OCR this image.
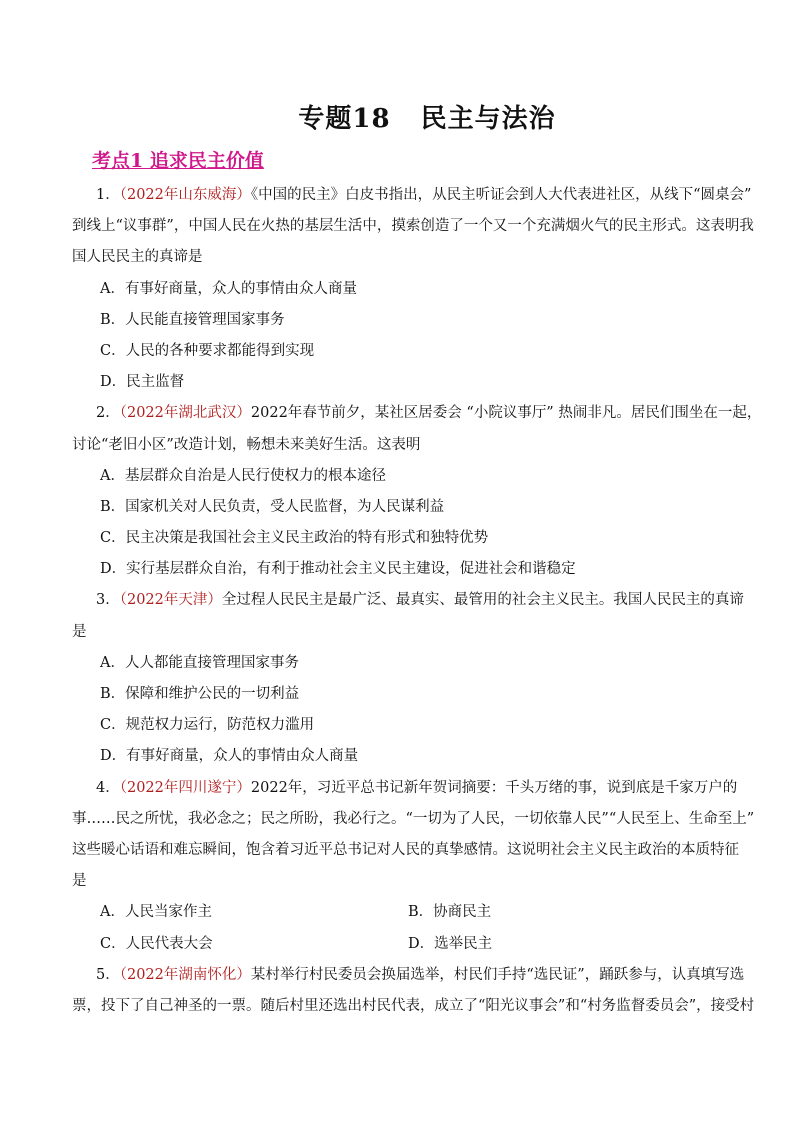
专题18 民主与法治
考点1 追求民主价值
1．（2022年山东威海）《中国的民主》白皮书指出，从民主听证会到人大代表进社区，从线下“圆桌会”
到线上“议事群”，中国人民在火热的基层生活中，摸索创造了一个又一个充满烟火气的民主形式。这表明我
国人民民主的真谛是
A．有事好商量，众人的事情由众人商量
B．人民能直接管理国家事务
C．人民的各种要求都能得到实现
D．民主监督
2．（2022年湖北武汉）2022年春节前夕，某社区居委会 “小院议事厅” 热闹非凡。居民们围坐在一起，
讨论“老旧小区”改造计划，畅想未来美好生活。这表明
A．基层群众自治是人民行使权力的根本途径
B．国家机关对人民负责，受人民监督，为人民谋利益
C．民主决策是我国社会主义民主政治的特有形式和独特优势
D．实行基层群众自治，有利于推动社会主义民主建设，促进社会和谐稳定
3．（2022年天津）全过程人民民主是最广泛、最真实、最管用的社会主义民主。我国人民民主的真谛
是
A．人人都能直接管理国家事务
B．保障和维护公民的一切利益
C．规范权力运行，防范权力滥用
D．有事好商量，众人的事情由众人商量
4．（2022年四川遂宁）2022年，习近平总书记新年贺词摘要：千头万绪的事，说到底是千家万户的
事……民之所忧，我必念之；民之所盼，我必行之。“一切为了人民，一切依靠人民”“人民至上、生命至上”
这些暖心话语和难忘瞬间，饱含着习近平总书记对人民的真挚感情。这说明社会主义民主政治的本质特征
是
A．人民当家作主	B．协商民主
C．人民代表大会	D．选举民主
5．（2022年湖南怀化）某村举行村民委员会换届选举，村民们手持“选民证”，踊跃参与，认真填写选
票，投下了自己神圣的一票。随后村里还选出村民代表，成立了“阳光议事会”和“村务监督委员会”，接受村
